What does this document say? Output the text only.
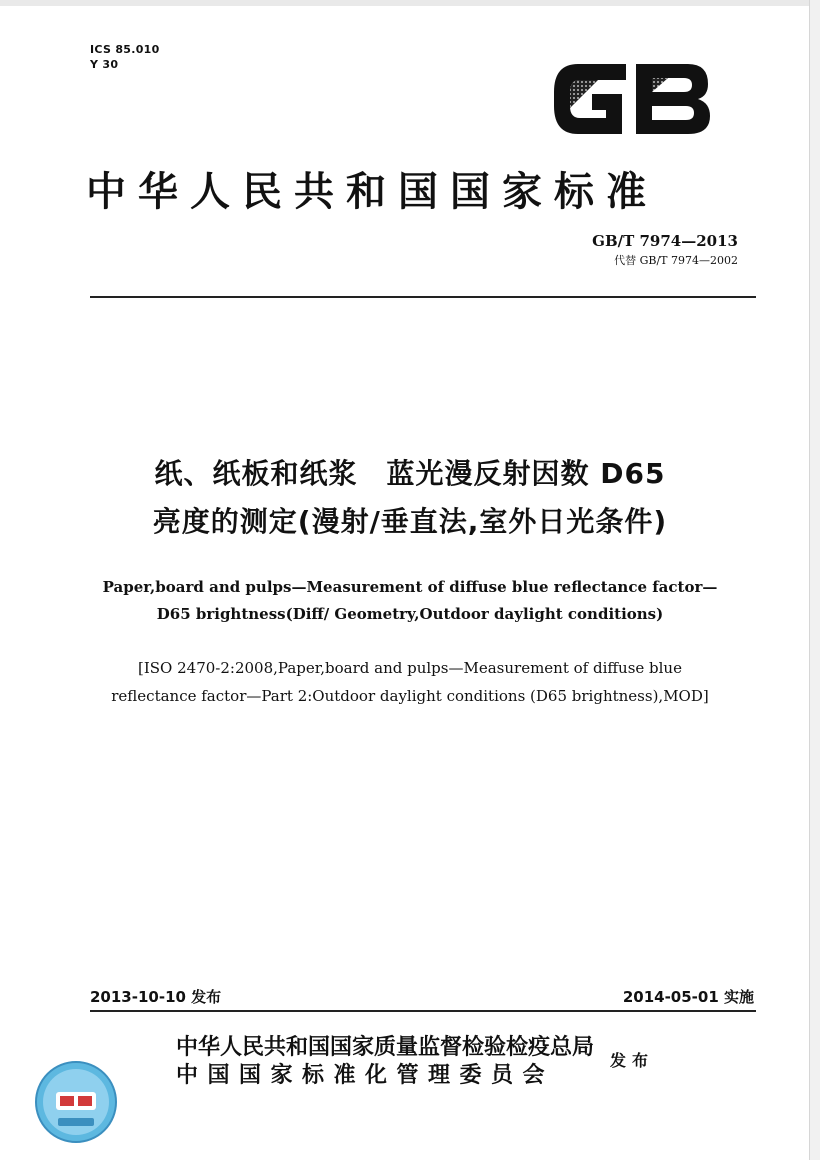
ICS 85.010
Y 30
中华人民共和国国家标准
GB/T 7974—2013
代替 GB/T 7974—2002
纸、纸板和纸浆　蓝光漫反射因数 D65
亮度的测定(漫射/垂直法,室外日光条件)
Paper,board and pulps—Measurement of diffuse blue reflectance factor—
D65 brightness(Diff/ Geometry,Outdoor daylight conditions)
[ISO 2470-2:2008,Paper,board and pulps—Measurement of diffuse blue
reflectance factor—Part 2:Outdoor daylight conditions (D65 brightness),MOD]
2013-10-10 发布	2014-05-01 实施
中华人民共和国国家质量监督检验检疫总局
中国国家标准化管理委员会
发布
